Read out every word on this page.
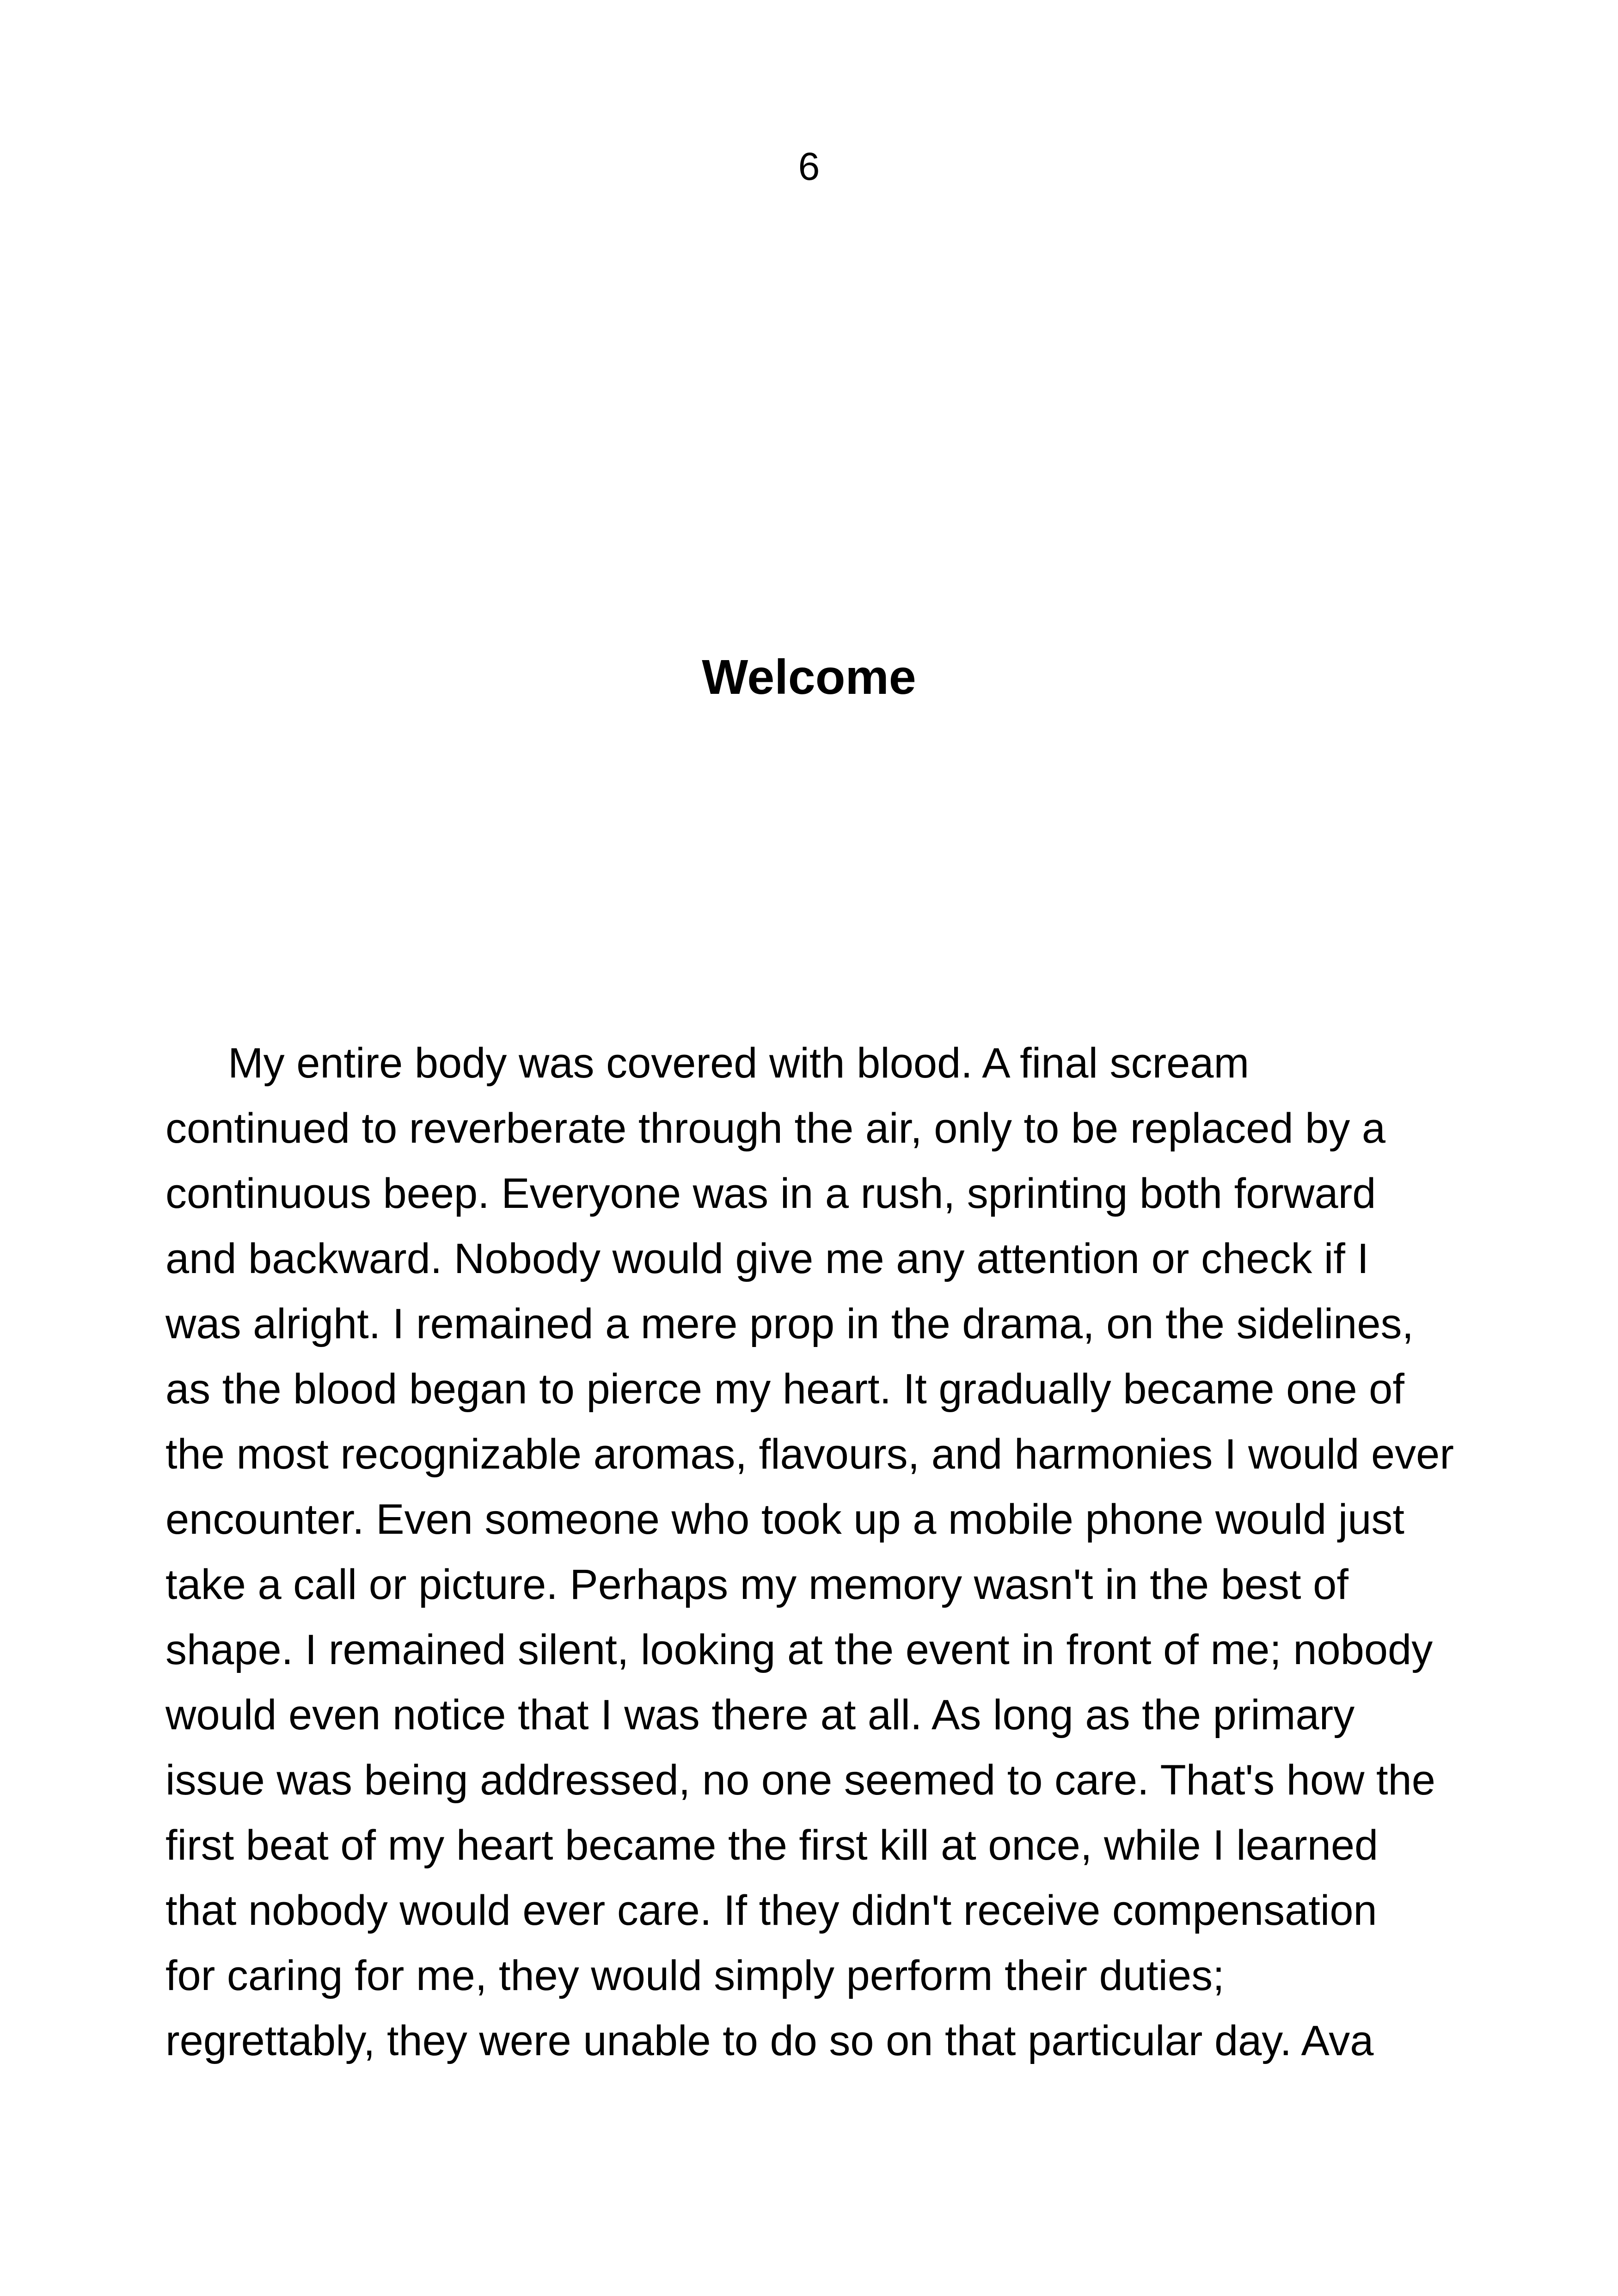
6
Welcome
My entire body was covered with blood. A final scream
continued to reverberate through the air, only to be replaced by a
continuous beep. Everyone was in a rush, sprinting both forward
and backward. Nobody would give me any attention or check if I
was alright. I remained a mere prop in the drama, on the sidelines,
as the blood began to pierce my heart. It gradually became one of
the most recognizable aromas, flavours, and harmonies I would ever
encounter. Even someone who took up a mobile phone would just
take a call or picture. Perhaps my memory wasn't in the best of
shape. I remained silent, looking at the event in front of me; nobody
would even notice that I was there at all. As long as the primary
issue was being addressed, no one seemed to care. That's how the
first beat of my heart became the first kill at once, while I learned
that nobody would ever care. If they didn't receive compensation
for caring for me, they would simply perform their duties;
regrettably, they were unable to do so on that particular day. Ava
